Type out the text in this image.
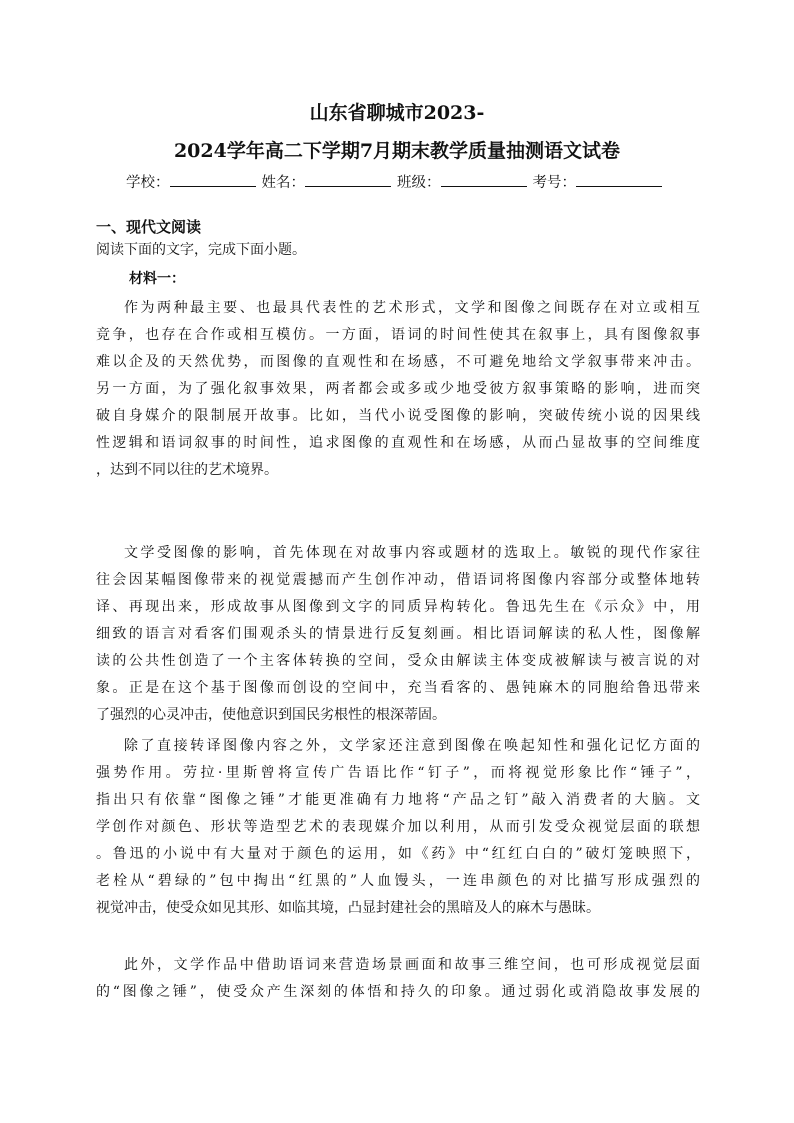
山东省聊城市2023-
2024学年高二下学期7月期末教学质量抽测语文试卷
学校：	姓名：	班级：	考号：
一、现代文阅读
阅读下面的文字，完成下面小题。
材料一：
作为两种最主要、也最具代表性的艺术形式，文学和图像之间既存在对立或相互
竞争，也存在合作或相互模仿。一方面，语词的时间性使其在叙事上，具有图像叙事
难以企及的天然优势，而图像的直观性和在场感，不可避免地给文学叙事带来冲击。
另一方面，为了强化叙事效果，两者都会或多或少地受彼方叙事策略的影响，进而突
破自身媒介的限制展开故事。比如，当代小说受图像的影响，突破传统小说的因果线
性逻辑和语词叙事的时间性，追求图像的直观性和在场感，从而凸显故事的空间维度
，达到不同以往的艺术境界。
文学受图像的影响，首先体现在对故事内容或题材的选取上。敏锐的现代作家往
往会因某幅图像带来的视觉震撼而产生创作冲动，借语词将图像内容部分或整体地转
译、再现出来，形成故事从图像到文字的同质异构转化。鲁迅先生在《示众》中，用
细致的语言对看客们围观杀头的情景进行反复刻画。相比语词解读的私人性，图像解
读的公共性创造了一个主客体转换的空间，受众由解读主体变成被解读与被言说的对
象。正是在这个基于图像而创设的空间中，充当看客的、愚钝麻木的同胞给鲁迅带来
了强烈的心灵冲击，使他意识到国民劣根性的根深蒂固。
除了直接转译图像内容之外，文学家还注意到图像在唤起知性和强化记忆方面的
强势作用。劳拉·里斯曾将宣传广告语比作“钉子”，而将视觉形象比作“锤子”，
指出只有依靠“图像之锤”才能更准确有力地将“产品之钉”敲入消费者的大脑。文
学创作对颜色、形状等造型艺术的表现媒介加以利用，从而引发受众视觉层面的联想
。鲁迅的小说中有大量对于颜色的运用，如《药》中“红红白白的”破灯笼映照下，
老栓从“碧绿的”包中掏出“红黑的”人血馒头，一连串颜色的对比描写形成强烈的
视觉冲击，使受众如见其形、如临其境，凸显封建社会的黑暗及人的麻木与愚昧。
此外，文学作品中借助语词来营造场景画面和故事三维空间，也可形成视觉层面
的“图像之锤”，使受众产生深刻的体悟和持久的印象。通过弱化或消隐故事发展的
